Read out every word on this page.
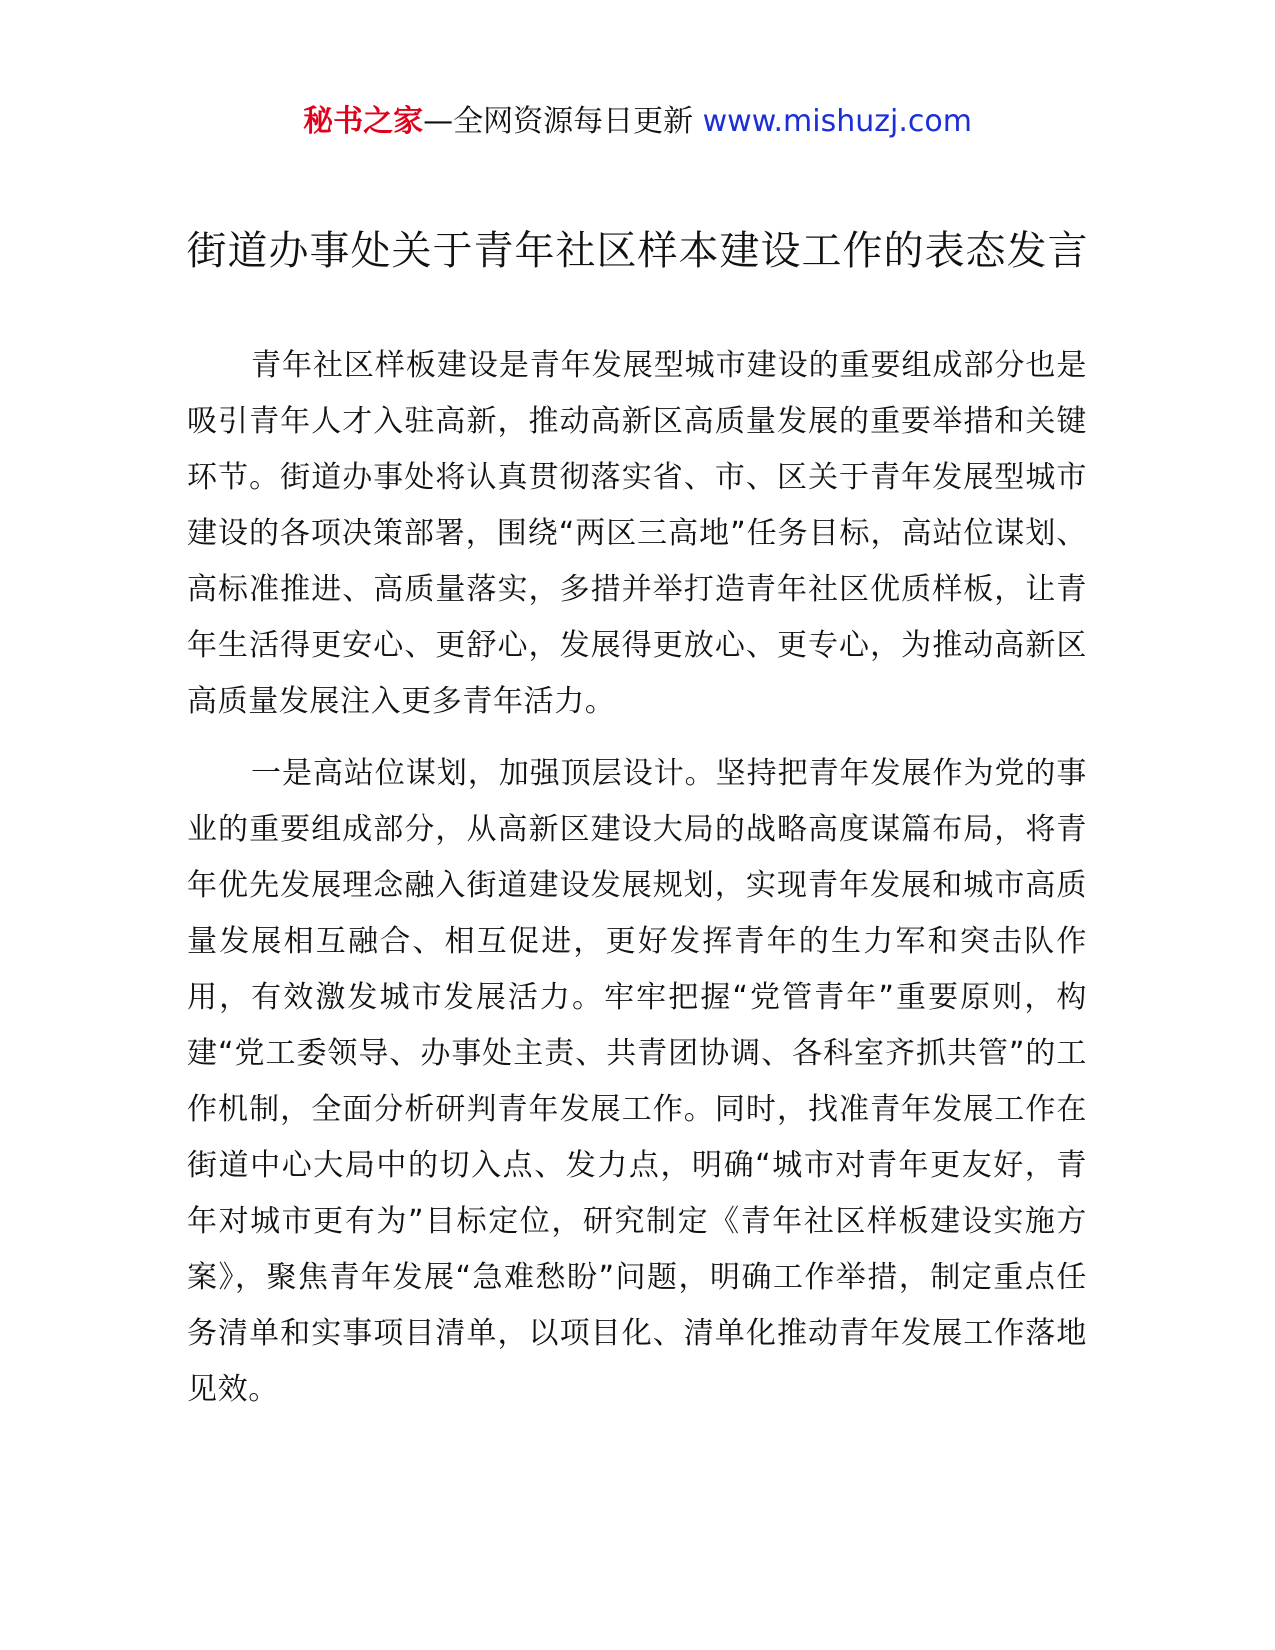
秘书之家—全网资源每日更新 www.mishuzj.com
街道办事处关于青年社区样本建设工作的表态发言

青年社区样板建设是青年发展型城市建设的重要组成部分也是吸引青年人才入驻高新，推动高新区高质量发展的重要举措和关键环节。街道办事处将认真贯彻落实省、市、区关于青年发展型城市建设的各项决策部署，围绕“两区三高地”任务目标，高站位谋划、高标准推进、高质量落实，多措并举打造青年社区优质样板，让青年生活得更安心、更舒心，发展得更放心、更专心，为推动高新区高质量发展注入更多青年活力。

一是高站位谋划，加强顶层设计。坚持把青年发展作为党的事业的重要组成部分，从高新区建设大局的战略高度谋篇布局，将青年优先发展理念融入街道建设发展规划，实现青年发展和城市高质量发展相互融合、相互促进，更好发挥青年的生力军和突击队作用，有效激发城市发展活力。牢牢把握“党管青年”重要原则，构建“党工委领导、办事处主责、共青团协调、各科室齐抓共管”的工作机制，全面分析研判青年发展工作。同时，找准青年发展工作在街道中心大局中的切入点、发力点，明确“城市对青年更友好，青年对城市更有为”目标定位，研究制定《青年社区样板建设实施方案》，聚焦青年发展“急难愁盼”问题，明确工作举措，制定重点任务清单和实事项目清单，以项目化、清单化推动青年发展工作落地见效。
